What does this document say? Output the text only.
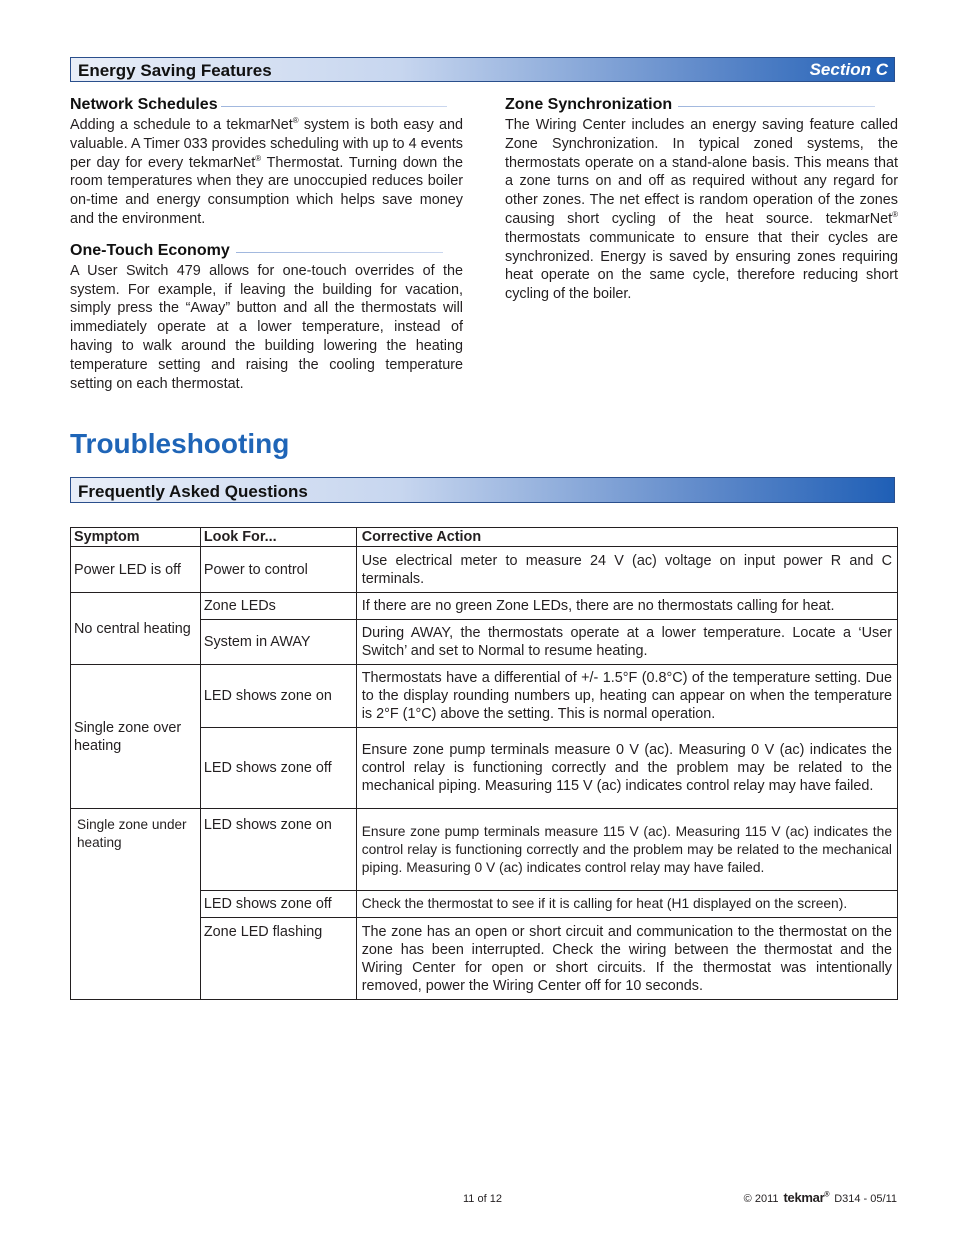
Energy Saving Features	Section C
Network Schedules

Adding a schedule to a tekmarNet® system is both easy and valuable. A Timer 033 provides scheduling with up to 4 events per day for every tekmarNet® Thermostat. Turning down the room temperatures when they are unoccupied reduces boiler on-time and energy consumption which helps save money and the environment.

One-Touch Economy

A User Switch 479 allows for one-touch overrides of the system. For example, if leaving the building for vacation, simply press the “Away” button and all the thermostats will immediately operate at a lower temperature, instead of having to walk around the building lowering the heating temperature setting and raising the cooling temperature setting on each thermostat.

Zone Synchronization

The Wiring Center includes an energy saving feature called Zone Synchronization. In typical zoned systems, the thermostats operate on a stand-alone basis. This means that a zone turns on and off as required without any regard for other zones. The net effect is random operation of the zones causing short cycling of the heat source. tekmarNet® thermostats communicate to ensure that their cycles are synchronized. Energy is saved by ensuring zones requiring heat operate on the same cycle, therefore reducing short cycling of the boiler.

Troubleshooting
Frequently Asked Questions
Symptom	Look For...	Corrective Action
Power LED is off	Power to control	Use electrical meter to measure 24 V (ac) voltage on input power R and C terminals.
No central heating	Zone LEDs	If there are no green Zone LEDs, there are no thermostats calling for heat.
	System in AWAY	During AWAY, the thermostats operate at a lower temperature. Locate a ‘User Switch’ and set to Normal to resume heating.
Single zone over heating	LED shows zone on	Thermostats have a differential of +/- 1.5°F (0.8°C) of the temperature setting. Due to the display rounding numbers up, heating can appear on when the temperature is 2°F (1°C) above the setting. This is normal operation.
	LED shows zone off	Ensure zone pump terminals measure 0 V (ac). Measuring 0 V (ac) indicates the control relay is functioning correctly and the problem may be related to the mechanical piping. Measuring 115 V (ac) indicates control relay may have failed.
Single zone under heating	LED shows zone on	Ensure zone pump terminals measure 115 V (ac). Measuring 115 V (ac) indicates the control relay is functioning correctly and the problem may be related to the mechanical piping. Measuring 0 V (ac) indicates control relay may have failed.
	LED shows zone off	Check the thermostat to see if it is calling for heat (H1 displayed on the screen).
	Zone LED flashing	The zone has an open or short circuit and communication to the thermostat on the zone has been interrupted. Check the wiring between the thermostat and the Wiring Center for open or short circuits. If the thermostat was intentionally removed, power the Wiring Center off for 10 seconds.
11 of 12	© 2011 tekmar® D314 - 05/11
